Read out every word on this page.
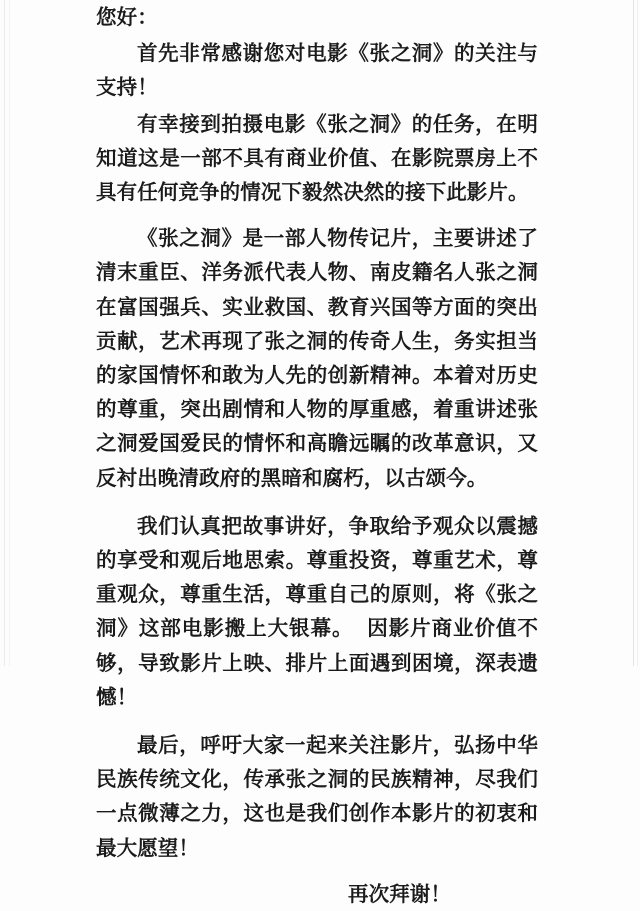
您好：

首先非常感谢您对电影《张之洞》的关注与支持！

有幸接到拍摄电影《张之洞》的任务，在明知道这是一部不具有商业价值、在影院票房上不具有任何竞争的情况下毅然决然的接下此影片。

《张之洞》是一部人物传记片，主要讲述了清末重臣、洋务派代表人物、南皮籍名人张之洞在富国强兵、实业救国、教育兴国等方面的突出贡献，艺术再现了张之洞的传奇人生，务实担当的家国情怀和敢为人先的创新精神。本着对历史的尊重，突出剧情和人物的厚重感，着重讲述张之洞爱国爱民的情怀和高瞻远瞩的改革意识，又反衬出晚清政府的黑暗和腐朽，以古颂今。

我们认真把故事讲好，争取给予观众以震撼的享受和观后地思索。尊重投资，尊重艺术，尊重观众，尊重生活，尊重自己的原则，将《张之洞》这部电影搬上大银幕。 因影片商业价值不够，导致影片上映、排片上面遇到困境，深表遗憾！

最后，呼吁大家一起来关注影片，弘扬中华民族传统文化，传承张之洞的民族精神，尽我们一点微薄之力，这也是我们创作本影片的初衷和最大愿望！

再次拜谢！
